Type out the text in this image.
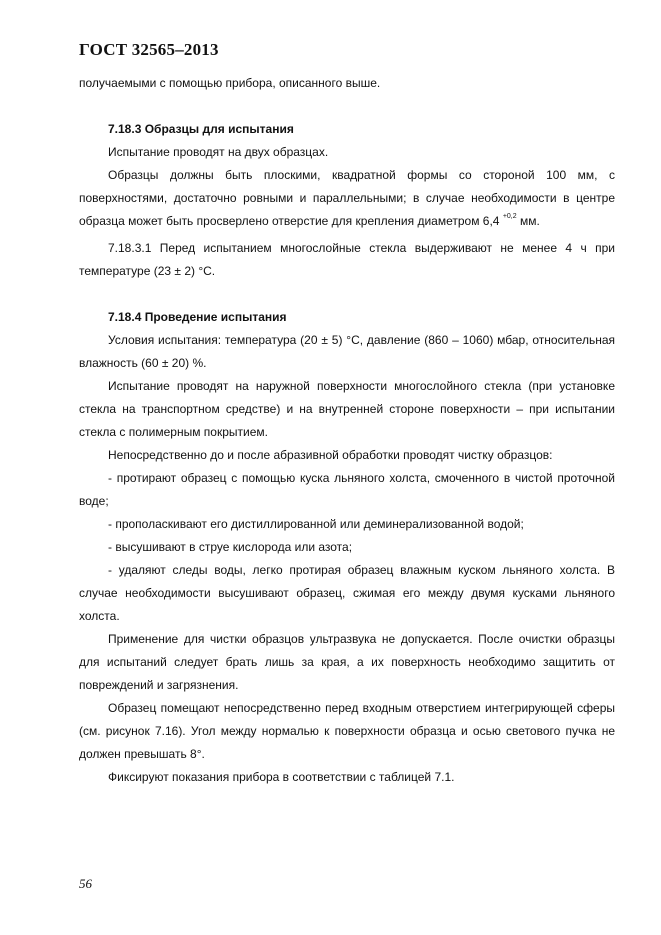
ГОСТ 32565–2013

получаемыми с помощью прибора, описанного выше.

7.18.3 Образцы для испытания

Испытание проводят на двух образцах.

Образцы должны быть плоскими, квадратной формы со стороной 100 мм, с поверхностями, достаточно ровными и параллельными; в случае необходимости в центре образца может быть просверлено отверстие для крепления диаметром 6,4 $^{+0,2}$ мм.

7.18.3.1 Перед испытанием многослойные стекла выдерживают не менее 4 ч при температуре (23 ± 2) °C.

7.18.4 Проведение испытания

Условия испытания: температура (20 ± 5) °C, давление (860 – 1060) мбар, относительная влажность (60 ± 20) %.

Испытание проводят на наружной поверхности многослойного стекла (при установке стекла на транспортном средстве) и на внутренней стороне поверхности – при испытании стекла с полимерным покрытием.

Непосредственно до и после абразивной обработки проводят чистку образцов:

- протирают образец с помощью куска льняного холста, смоченного в чистой проточной воде;

- прополаскивают его дистиллированной или деминерализованной водой;

- высушивают в струе кислорода или азота;

- удаляют следы воды, легко протирая образец влажным куском льняного холста. В случае необходимости высушивают образец, сжимая его между двумя кусками льняного холста.

Применение для чистки образцов ультразвука не допускается. После очистки образцы для испытаний следует брать лишь за края, а их поверхность необходимо защитить от повреждений и загрязнения.

Образец помещают непосредственно перед входным отверстием интегрирующей сферы (см. рисунок 7.16). Угол между нормалью к поверхности образца и осью светового пучка не должен превышать 8°.

Фиксируют показания прибора в соответствии с таблицей 7.1.

56
